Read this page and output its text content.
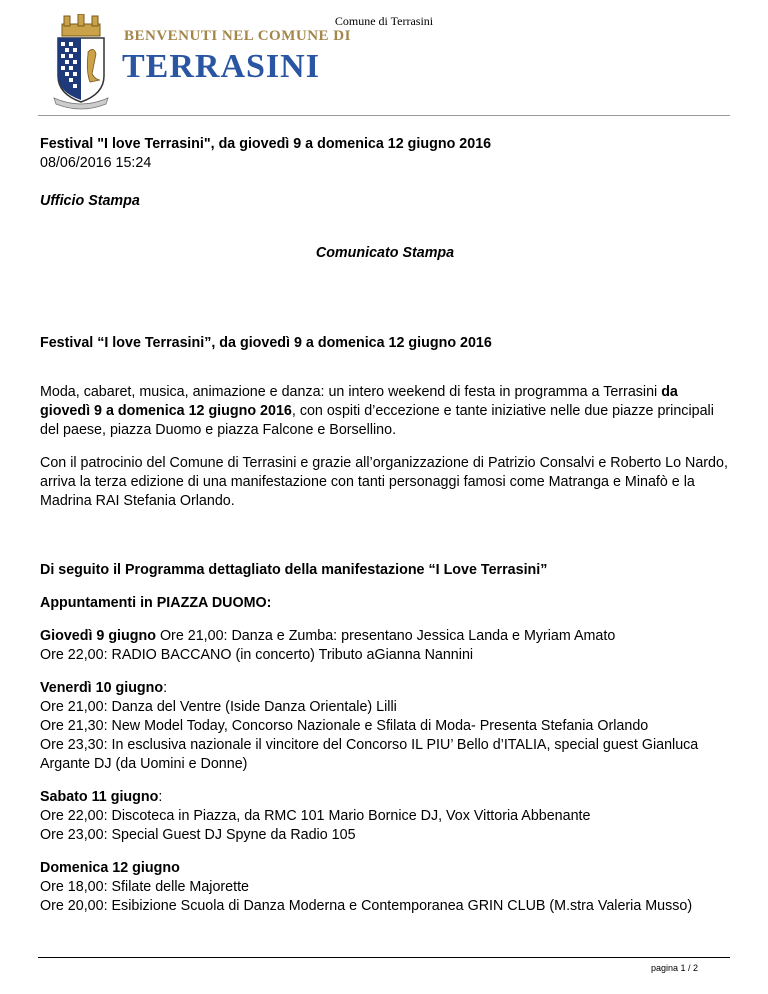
Comune di Terrasini
BENVENUTI NEL COMUNE DI
TERRASINI

Festival "I love Terrasini", da giovedì 9 a domenica 12 giugno 2016

08/06/2016 15:24

Ufficio Stampa

Comunicato Stampa

Festival “I love Terrasini”, da giovedì 9 a domenica 12 giugno 2016

Moda, cabaret, musica, animazione e danza: un intero weekend di festa in programma a Terrasini da giovedì 9 a domenica 12 giugno 2016, con ospiti d’eccezione e tante iniziative nelle due piazze principali del paese, piazza Duomo e piazza Falcone e Borsellino.

Con il patrocinio del Comune di Terrasini e grazie all’organizzazione di Patrizio Consalvi e Roberto Lo Nardo, arriva la terza edizione di una manifestazione con tanti personaggi famosi come Matranga e Minafò e la Madrina RAI Stefania Orlando.

Di seguito il Programma dettagliato della manifestazione “I Love Terrasini”

Appuntamenti in PIAZZA DUOMO:

Giovedì 9 giugno Ore 21,00: Danza e Zumba: presentano Jessica Landa e Myriam Amato

Ore 22,00: RADIO BACCANO (in concerto) Tributo aGianna Nannini

Venerdì 10 giugno:

Ore 21,00: Danza del Ventre (Iside Danza Orientale) Lilli

Ore 21,30: New Model Today, Concorso Nazionale e Sfilata di Moda- Presenta Stefania Orlando

Ore 23,30: In esclusiva nazionale il vincitore del Concorso IL PIU’ Bello d’ITALIA, special guest Gianluca Argante DJ (da Uomini e Donne)

Sabato 11 giugno:

Ore 22,00: Discoteca in Piazza, da RMC 101 Mario Bornice DJ, Vox Vittoria Abbenante

Ore 23,00: Special Guest DJ Spyne da Radio 105

Domenica 12 giugno

Ore 18,00: Sfilate delle Majorette

Ore 20,00: Esibizione Scuola di Danza Moderna e Contemporanea GRIN CLUB (M.stra Valeria Musso)

pagina 1 / 2
